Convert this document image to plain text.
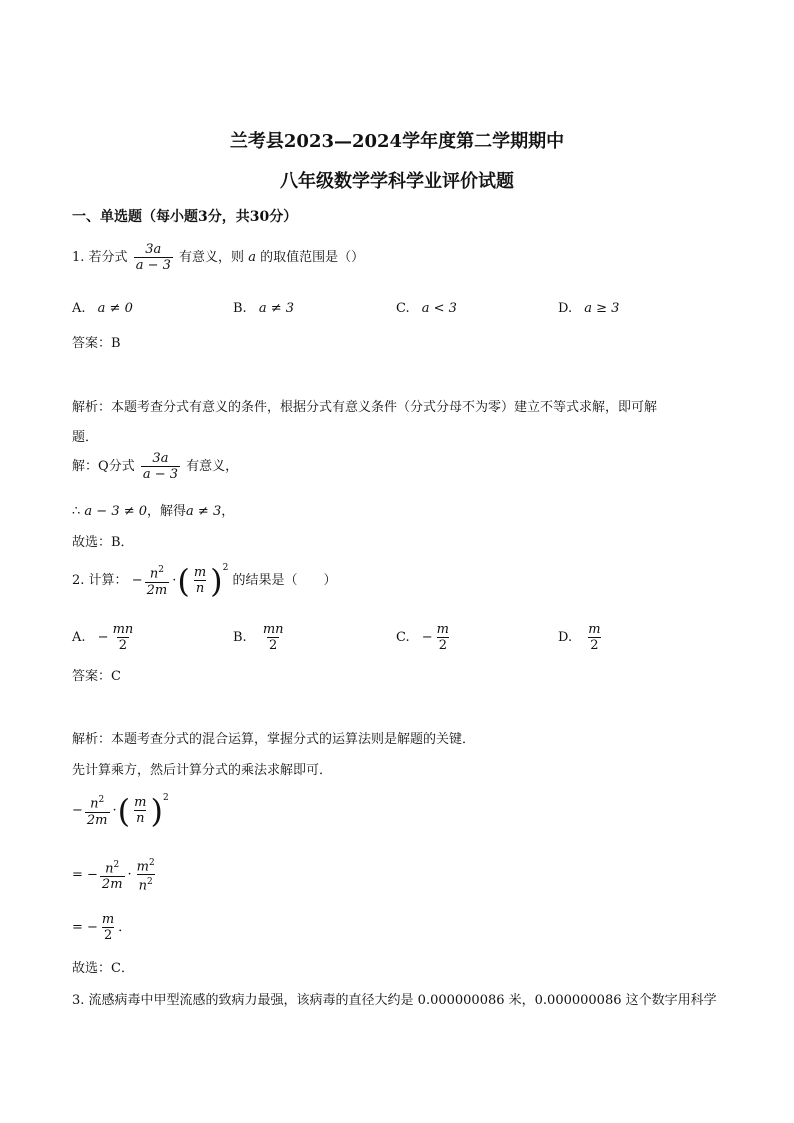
兰考县2023—2024学年度第二学期期中
八年级数学学科学业评价试题
一、单选题（每小题3分，共30分）
1. 若分式 $\frac{3a}{a - 3}$ 有意义，则 a 的取值范围是（）
A. a ≠ 0	B. a ≠ 3	C. a < 3	D. a ≥ 3
答案：B
解析：本题考查分式有意义的条件，根据分式有意义条件（分式分母不为零）建立不等式求解，即可解
题．
解：Q分式 $\frac{3a}{a - 3}$ 有意义，
∴ a − 3 ≠ 0，解得a ≠ 3，
故选：B．
2. 计算： − $\frac{n^2}{2m}$ · ( $\frac{m}{n}$ ) $^2$ 的结果是（　　）
A. − $\frac{mn}{2}$	B. $\frac{mn}{2}$	C. − $\frac{m}{2}$	D. $\frac{m}{2}$
答案：C
解析：本题考查分式的混合运算，掌握分式的运算法则是解题的关键．
先计算乘方，然后计算分式的乘法求解即可．
− $\frac{n^2}{2m}$ · ( $\frac{m}{n}$ ) $^2$
= − $\frac{n^2}{2m} \cdot \frac{m^2}{n^2}$
= − $\frac{m}{2}$ ．
故选：C．
3. 流感病毒中甲型流感的致病力最强，该病毒的直径大约是 0.000000086 米，0.000000086 这个数字用科学
